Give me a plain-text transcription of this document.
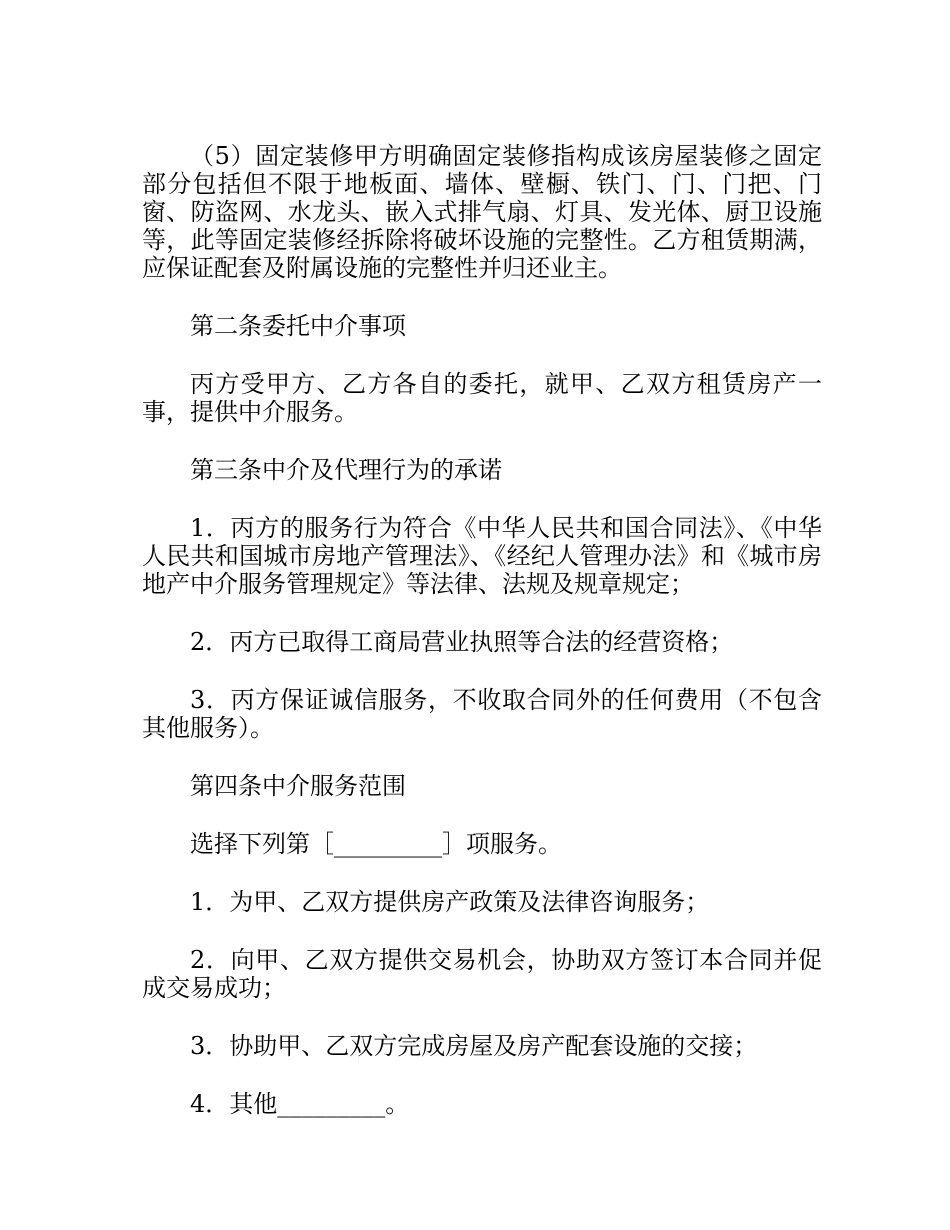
（5）固定装修甲方明确固定装修指构成该房屋装修之固定部分包括但不限于地板面、墙体、壁橱、铁门、门、门把、门窗、防盗网、水龙头、嵌入式排气扇、灯具、发光体、厨卫设施等，此等固定装修经拆除将破坏设施的完整性。乙方租赁期满，应保证配套及附属设施的完整性并归还业主。

第二条委托中介事项

丙方受甲方、乙方各自的委托，就甲、乙双方租赁房产一事，提供中介服务。

第三条中介及代理行为的承诺

1．丙方的服务行为符合《中华人民共和国合同法》、《中华人民共和国城市房地产管理法》、《经纪人管理办法》和《城市房地产中介服务管理规定》等法律、法规及规章规定；

2．丙方已取得工商局营业执照等合法的经营资格；

3．丙方保证诚信服务，不收取合同外的任何费用（不包含其他服务）。

第四条中介服务范围

选择下列第［_________］项服务。

1．为甲、乙双方提供房产政策及法律咨询服务；

2．向甲、乙双方提供交易机会，协助双方签订本合同并促成交易成功；

3．协助甲、乙双方完成房屋及房产配套设施的交接；

4．其他_________。
